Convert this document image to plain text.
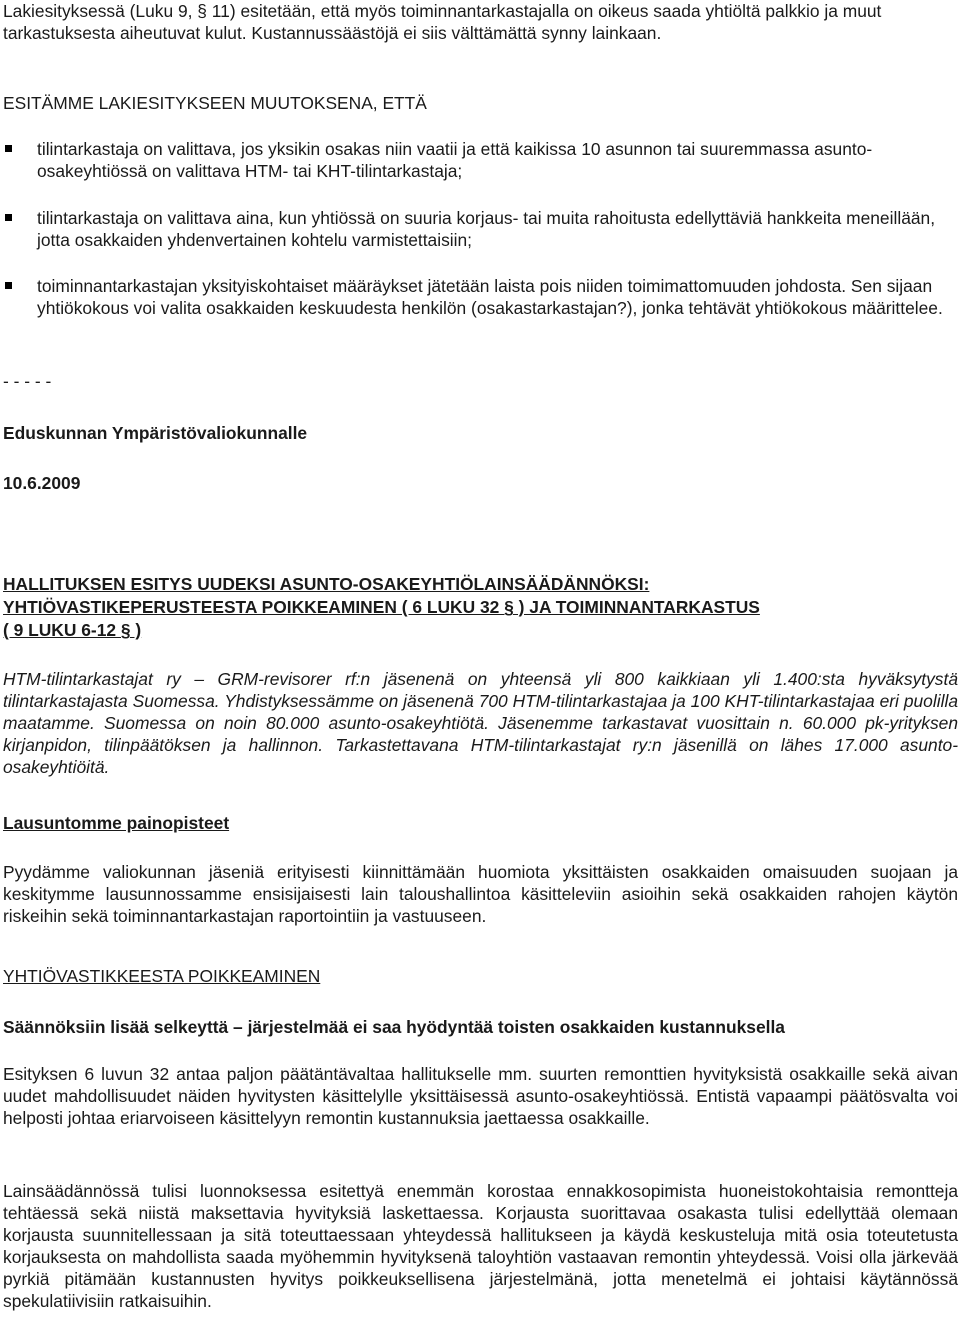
Lakiesityksessä (Luku 9, § 11) esitetään, että myös toiminnantarkastajalla on oikeus saada yhtiöltä palkkio ja muut tarkastuksesta aiheutuvat kulut. Kustannussäästöjä ei siis välttämättä synny lainkaan.
ESITÄMME LAKIESITYKSEEN MUUTOKSENA, ETTÄ
tilintarkastaja on valittava, jos yksikin osakas niin vaatii ja että kaikissa 10 asunnon tai suuremmassa asunto-osakeyhtiössä on valittava HTM- tai KHT-tilintarkastaja;
tilintarkastaja on valittava aina, kun yhtiössä on suuria korjaus- tai muita rahoitusta edellyttäviä hankkeita meneillään, jotta osakkaiden yhdenvertainen kohtelu varmistettaisiin;
toiminnantarkastajan yksityiskohtaiset määräykset jätetään laista pois niiden toimimattomuuden johdosta. Sen sijaan yhtiökokous voi valita osakkaiden keskuudesta henkilön (osakastarkastajan?), jonka tehtävät yhtiökokous määrittelee.
- - - - -
Eduskunnan Ympäristövaliokunnalle
10.6.2009
HALLITUKSEN ESITYS UUDEKSI ASUNTO-OSAKEYHTIÖLAINSÄÄDÄNNÖKSI:
YHTIÖVASTIKEPERUSTEESTA POIKKEAMINEN ( 6 LUKU 32 § ) JA TOIMINNANTARKASTUS
( 9 LUKU 6-12 § )
HTM-tilintarkastajat ry – GRM-revisorer rf:n jäsenenä on yhteensä yli 800 kaikkiaan yli 1.400:sta hyväksytystä tilintarkastajasta Suomessa. Yhdistyksessämme on jäsenenä 700 HTM-tilintarkastajaa ja 100 KHT-tilintarkastajaa eri puolilla maatamme. Suomessa on noin 80.000 asunto-osakeyhtiötä. Jäsenemme tarkastavat vuosittain n. 60.000 pk-yrityksen kirjanpidon, tilinpäätöksen ja hallinnon. Tarkastettavana HTM-tilintarkastajat ry:n jäsenillä on lähes 17.000 asunto-osakeyhtiöitä.
Lausuntomme painopisteet
Pyydämme valiokunnan jäseniä erityisesti kiinnittämään huomiota yksittäisten osakkaiden omaisuuden suojaan ja keskitymme lausunnossamme ensisijaisesti lain taloushallintoa käsitteleviin asioihin sekä osakkaiden rahojen käytön riskeihin sekä toiminnantarkastajan raportointiin ja vastuuseen.
YHTIÖVASTIKKEESTA POIKKEAMINEN
Säännöksiin lisää selkeyttä – järjestelmää ei saa hyödyntää toisten osakkaiden kustannuksella
Esityksen 6 luvun 32 antaa paljon päätäntävaltaa hallitukselle mm. suurten remonttien hyvityksistä osakkaille sekä aivan uudet mahdollisuudet näiden hyvitysten käsittelylle yksittäisessä asunto-osakeyhtiössä. Entistä vapaampi päätösvalta voi helposti johtaa eriarvoiseen käsittelyyn remontin kustannuksia jaettaessa osakkaille.
Lainsäädännössä tulisi luonnoksessa esitettyä enemmän korostaa ennakkosopimista huoneistokohtaisia remontteja tehtäessä sekä niistä maksettavia hyvityksiä laskettaessa. Korjausta suorittavaa osakasta tulisi edellyttää olemaan korjausta suunnitellessaan ja sitä toteuttaessaan yhteydessä hallitukseen ja käydä keskusteluja mitä osia toteutetusta korjauksesta on mahdollista saada myöhemmin hyvityksenä taloyhtiön vastaavan remontin yhteydessä. Voisi olla järkevää pyrkiä pitämään kustannusten hyvitys poikkeuksellisena järjestelmänä, jotta menetelmä ei johtaisi käytännössä spekulatiivisiin ratkaisuihin.
